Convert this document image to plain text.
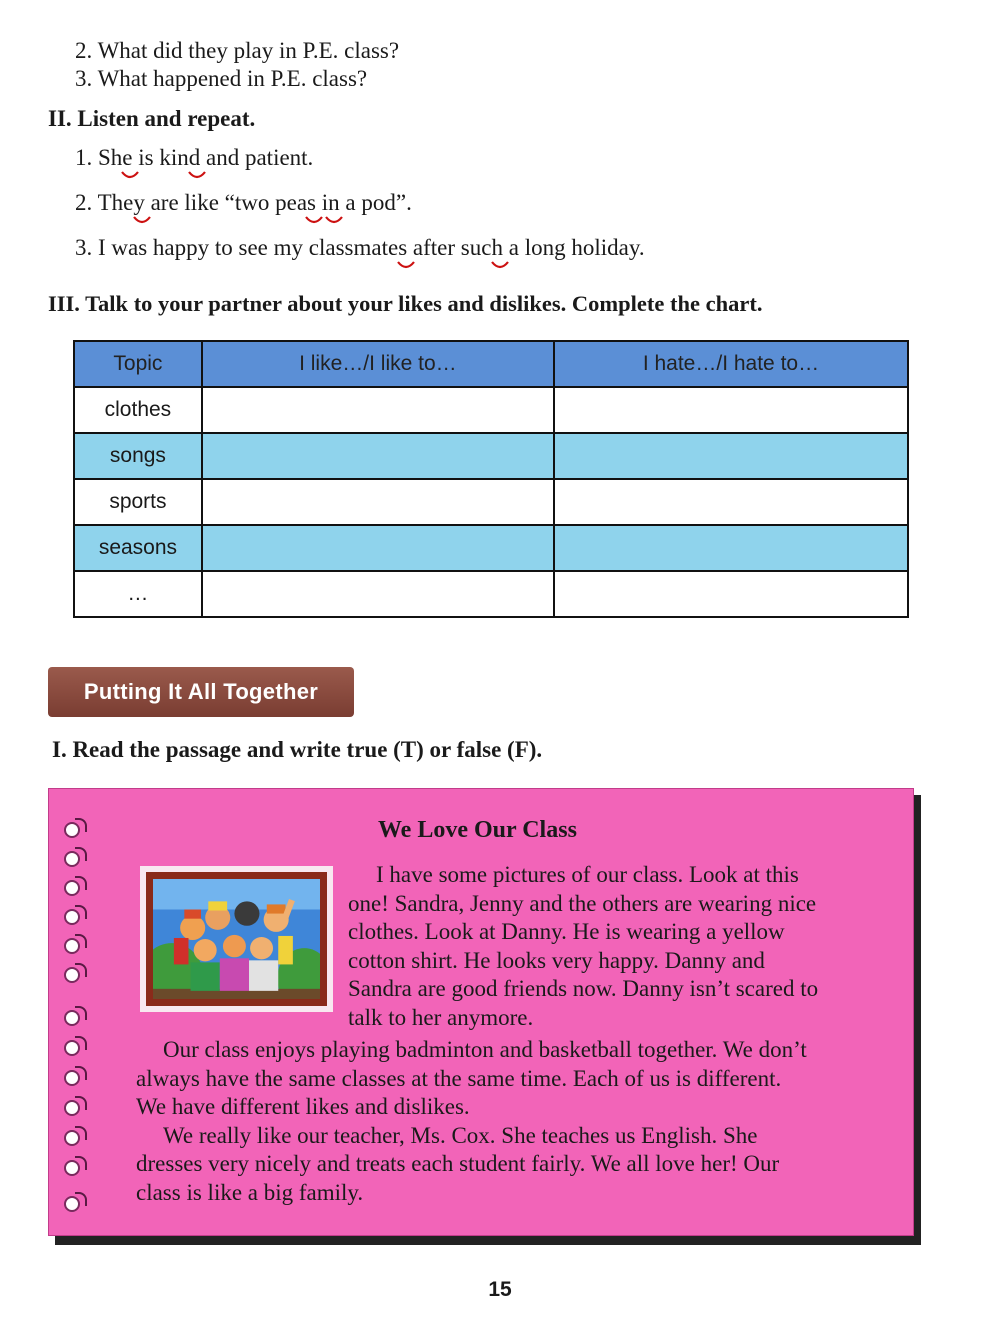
2. What did they play in P.E. class?
3. What happened in P.E. class?
II. Listen and repeat.
1. She is kind and patient.
2. They are like “two peas in a pod”.
3. I was happy to see my classmates after such a long holiday.
III. Talk to your partner about your likes and dislikes. Complete the chart.
Topic	I like…/I like to…	I hate…/I hate to…
clothes		
songs		
sports		
seasons		
…		
Putting It All Together
I. Read the passage and write true (T) or false (F).
We Love Our Class
I have some pictures of our class. Look at this
one! Sandra, Jenny and the others are wearing nice
clothes. Look at Danny. He is wearing a yellow
cotton shirt. He looks very happy. Danny and
Sandra are good friends now. Danny isn’t scared to
talk to her anymore.
Our class enjoys playing badminton and basketball together. We don’t
always have the same classes at the same time. Each of us is different.
We have different likes and dislikes.
We really like our teacher, Ms. Cox. She teaches us English. She
dresses very nicely and treats each student fairly. We all love her! Our
class is like a big family.
15
